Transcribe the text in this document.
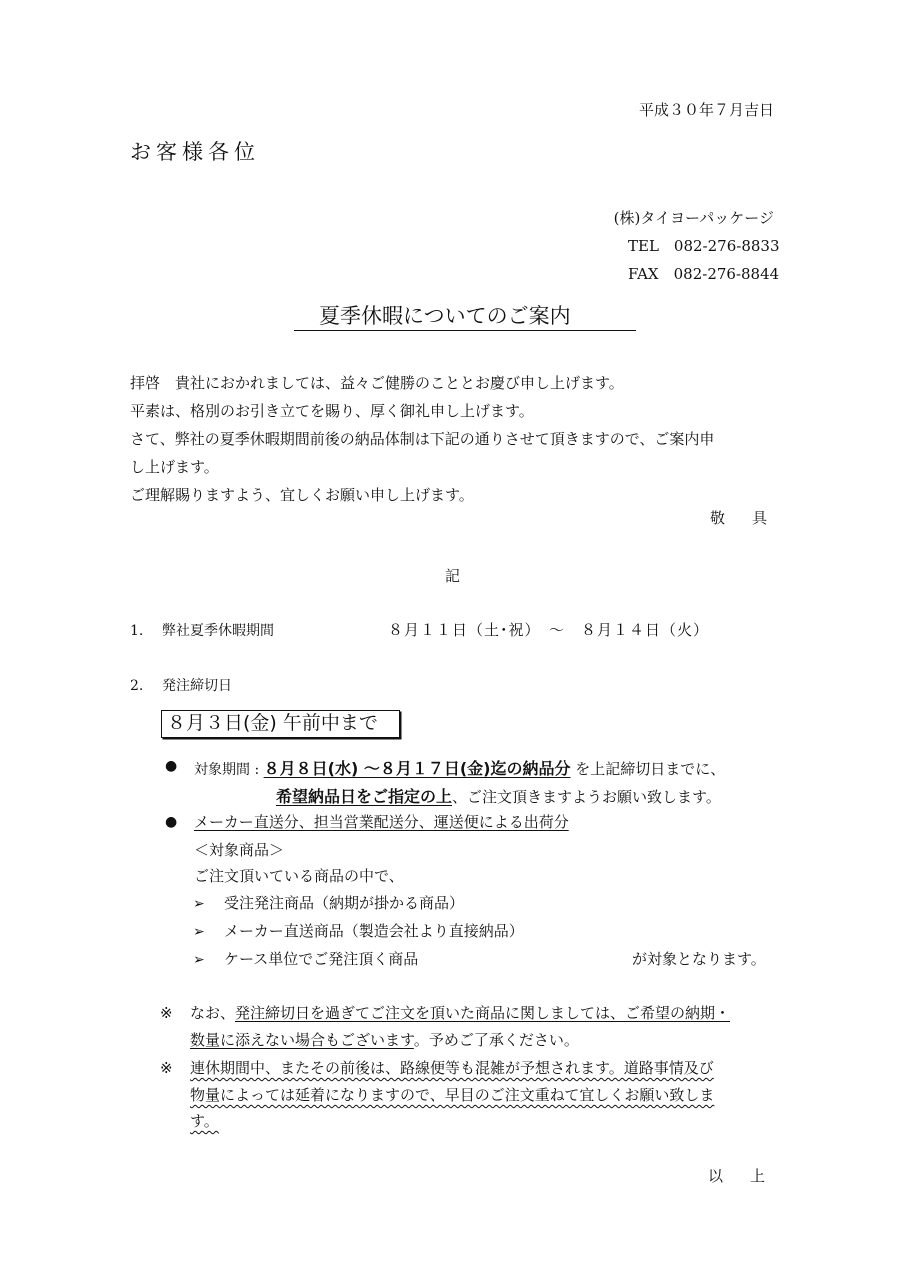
平成３０年７月吉日
お客様各位
(株)タイヨーパッケージ
TEL　082-276-8833
FAX　082-276-8844
夏季休暇についてのご案内
拝啓　貴社におかれましては、益々ご健勝のこととお慶び申し上げます。
平素は、格別のお引き立てを賜り、厚く御礼申し上げます。
さて、弊社の夏季休暇期間前後の納品体制は下記の通りさせて頂きますので、ご案内申
し上げます。
ご理解賜りますよう、宜しくお願い申し上げます。
敬　具
記
1. 弊社夏季休暇期間	８月１１日（土･祝）　～　８月１４日（火）
2. 発注締切日
８月３日(金) 午前中まで
● 対象期間 : ８月８日(水) ～８月１７日(金)迄の納品分 を上記締切日までに、
希望納品日をご指定の上、ご注文頂きますようお願い致します。
● メーカー直送分、担当営業配送分、運送便による出荷分
＜対象商品＞
ご注文頂いている商品の中で、
➢ 受注発注商品（納期が掛かる商品）
➢ メーカー直送商品（製造会社より直接納品）
➢ ケース単位でご発注頂く商品	が対象となります。
※ なお、発注締切日を過ぎてご注文を頂いた商品に関しましては、ご希望の納期・
数量に添えない場合もございます。予めご了承ください。
※ 連休期間中、またその前後は、路線便等も混雑が予想されます。道路事情及び
物量によっては延着になりますので、早目のご注文重ねて宜しくお願い致しま
す。
以　上
